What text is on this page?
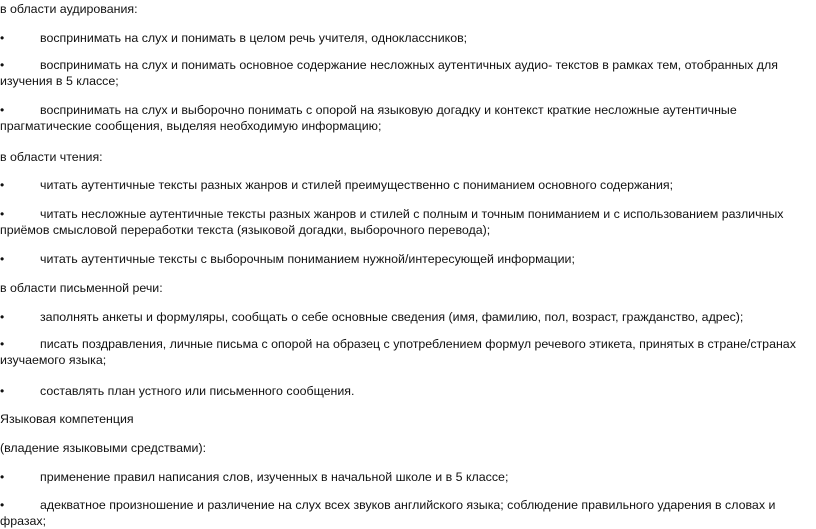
в области аудирования:
•	воспринимать на слух и понимать в целом речь учителя, одноклассников;
•	воспринимать на слух и понимать основное содержание несложных аутентичных аудио- текстов в рамках тем, отобранных для изучения в 5 классе;
•	воспринимать на слух и выборочно понимать с опорой на языковую догадку и контекст краткие несложные аутентичные прагматические сообщения, выделяя необходимую информацию;
в области чтения:
•	читать аутентичные тексты разных жанров и стилей преимущественно с пониманием основного содержания;
•	читать несложные аутентичные тексты разных жанров и стилей с полным и точным пониманием и с использованием различных приёмов смысловой переработки текста (языковой догадки, выборочного перевода);
•	читать аутентичные тексты с выборочным пониманием нужной/интересующей информации;
в области письменной речи:
•	заполнять анкеты и формуляры, сообщать о себе основные сведения (имя, фамилию, пол, возраст, гражданство, адрес);
•	писать поздравления, личные письма с опорой на образец с употреблением формул речевого этикета, принятых в стране/странах изучаемого языка;
•	составлять план устного или письменного сообщения.
Языковая компетенция
(владение языковыми средствами):
•	применение правил написания слов, изученных в начальной школе и в 5 классе;
•	адекватное произношение и различение на слух всех звуков английского языка; соблюдение правильного ударения в словах и фразах;
